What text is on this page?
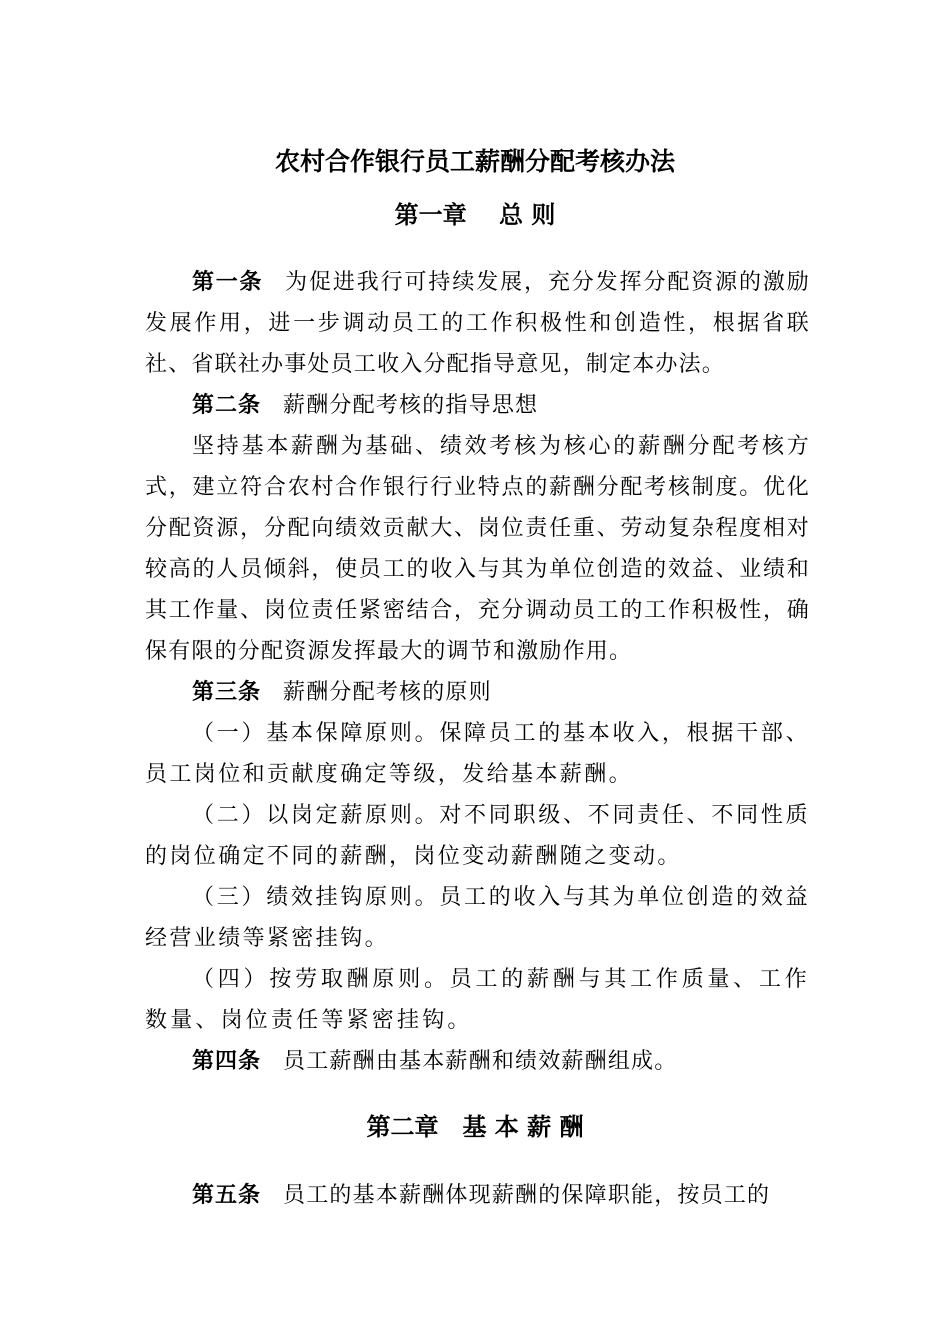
农村合作银行员工薪酬分配考核办法
第一章　 总 则

第一条 为促进我行可持续发展，充分发挥分配资源的激励发展作用，进一步调动员工的工作积极性和创造性，根据省联社、省联社办事处员工收入分配指导意见，制定本办法。

第二条 薪酬分配考核的指导思想

坚持基本薪酬为基础、绩效考核为核心的薪酬分配考核方式，建立符合农村合作银行行业特点的薪酬分配考核制度。优化分配资源，分配向绩效贡献大、岗位责任重、劳动复杂程度相对较高的人员倾斜，使员工的收入与其为单位创造的效益、业绩和其工作量、岗位责任紧密结合，充分调动员工的工作积极性，确保有限的分配资源发挥最大的调节和激励作用。

第三条 薪酬分配考核的原则

（一）基本保障原则。保障员工的基本收入，根据干部、员工岗位和贡献度确定等级，发给基本薪酬。

（二）以岗定薪原则。对不同职级、不同责任、不同性质的岗位确定不同的薪酬，岗位变动薪酬随之变动。

（三）绩效挂钩原则。员工的收入与其为单位创造的效益经营业绩等紧密挂钩。

（四）按劳取酬原则。员工的薪酬与其工作质量、工作数量、岗位责任等紧密挂钩。

第四条 员工薪酬由基本薪酬和绩效薪酬组成。

第二章　基 本 薪 酬

第五条 员工的基本薪酬体现薪酬的保障职能，按员工的
